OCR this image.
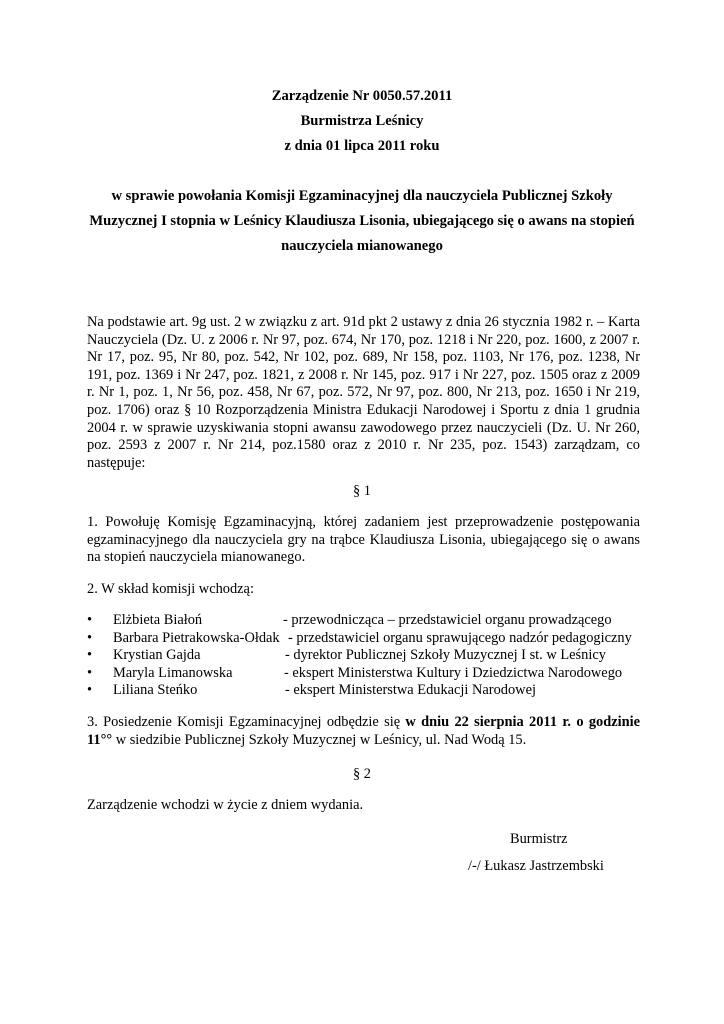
Zarządzenie Nr 0050.57.2011
Burmistrza Leśnicy
z dnia 01 lipca 2011 roku
w sprawie powołania Komisji Egzaminacyjnej dla nauczyciela Publicznej Szkoły
Muzycznej I stopnia w Leśnicy Klaudiusza Lisonia, ubiegającego się o awans na stopień
nauczyciela mianowanego
Na podstawie art. 9g ust. 2 w związku z art. 91d pkt 2 ustawy z dnia 26 stycznia 1982 r. – Karta Nauczyciela (Dz. U. z 2006 r. Nr 97, poz. 674, Nr 170, poz. 1218 i Nr 220, poz. 1600, z 2007 r. Nr 17, poz. 95, Nr 80, poz. 542, Nr 102, poz. 689, Nr 158, poz. 1103, Nr 176, poz. 1238, Nr 191, poz. 1369 i Nr 247, poz. 1821, z 2008 r. Nr 145, poz. 917 i Nr 227, poz. 1505 oraz z 2009 r. Nr 1, poz. 1, Nr 56, poz. 458, Nr 67, poz. 572, Nr 97, poz. 800, Nr 213, poz. 1650 i Nr 219, poz. 1706) oraz § 10 Rozporządzenia Ministra Edukacji Narodowej i Sportu z dnia 1 grudnia 2004 r. w sprawie uzyskiwania stopni awansu zawodowego przez nauczycieli (Dz. U. Nr 260, poz. 2593 z 2007 r. Nr 214, poz.1580 oraz z 2010 r. Nr 235, poz. 1543) zarządzam, co następuje:
§ 1
1. Powołuję Komisję Egzaminacyjną, której zadaniem jest przeprowadzenie postępowania egzaminacyjnego dla nauczyciela gry na trąbce Klaudiusza Lisonia, ubiegającego się o awans na stopień nauczyciela mianowanego.
2. W skład komisji wchodzą:
• Elżbieta Białoń	- przewodnicząca – przedstawiciel organu prowadzącego
• Barbara Pietrakowska-Ołdak - przedstawiciel organu sprawującego nadzór pedagogiczny
• Krystian Gajda	- dyrektor Publicznej Szkoły Muzycznej I st. w Leśnicy
• Maryla Limanowska	- ekspert Ministerstwa Kultury i Dziedzictwa Narodowego
• Liliana Steńko	- ekspert Ministerstwa Edukacji Narodowej
3. Posiedzenie Komisji Egzaminacyjnej odbędzie się w dniu 22 sierpnia 2011 r. o godzinie 11°° w siedzibie Publicznej Szkoły Muzycznej w Leśnicy, ul. Nad Wodą 15.
§ 2
Zarządzenie wchodzi w życie z dniem wydania.
Burmistrz
/-/ Łukasz Jastrzembski
